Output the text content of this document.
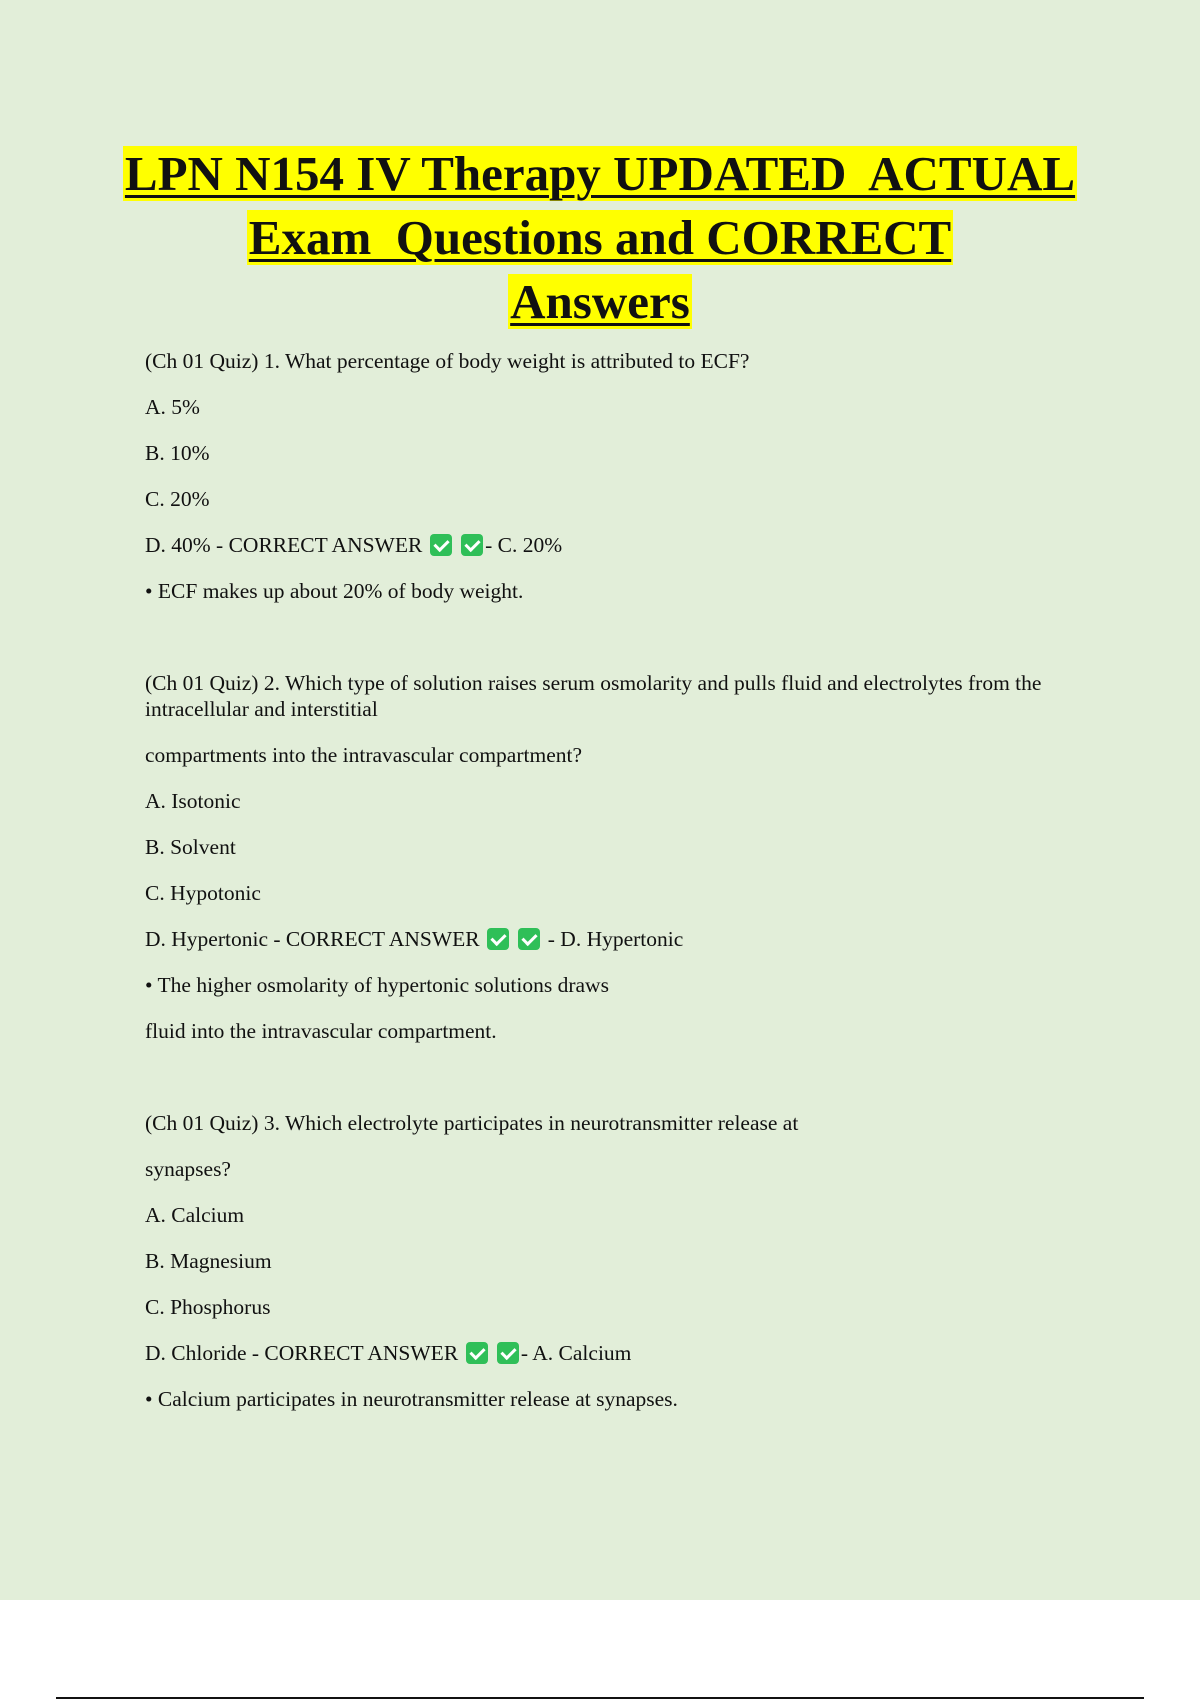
LPN N154 IV Therapy UPDATED  ACTUAL
Exam  Questions and CORRECT
Answers

(Ch 01 Quiz) 1. What percentage of body weight is attributed to ECF?

A. 5%

B. 10%

C. 20%

D. 40% - CORRECT ANSWER	- C. 20%

• ECF makes up about 20% of body weight.

(Ch 01 Quiz) 2. Which type of solution raises serum osmolarity and pulls fluid and electrolytes from the intracellular and interstitial

compartments into the intravascular compartment?

A. Isotonic

B. Solvent

C. Hypotonic

D. Hypertonic - CORRECT ANSWER	- D. Hypertonic

• The higher osmolarity of hypertonic solutions draws

fluid into the intravascular compartment.

(Ch 01 Quiz) 3. Which electrolyte participates in neurotransmitter release at

synapses?

A. Calcium

B. Magnesium

C. Phosphorus

D. Chloride - CORRECT ANSWER	- A. Calcium

• Calcium participates in neurotransmitter release at synapses.
